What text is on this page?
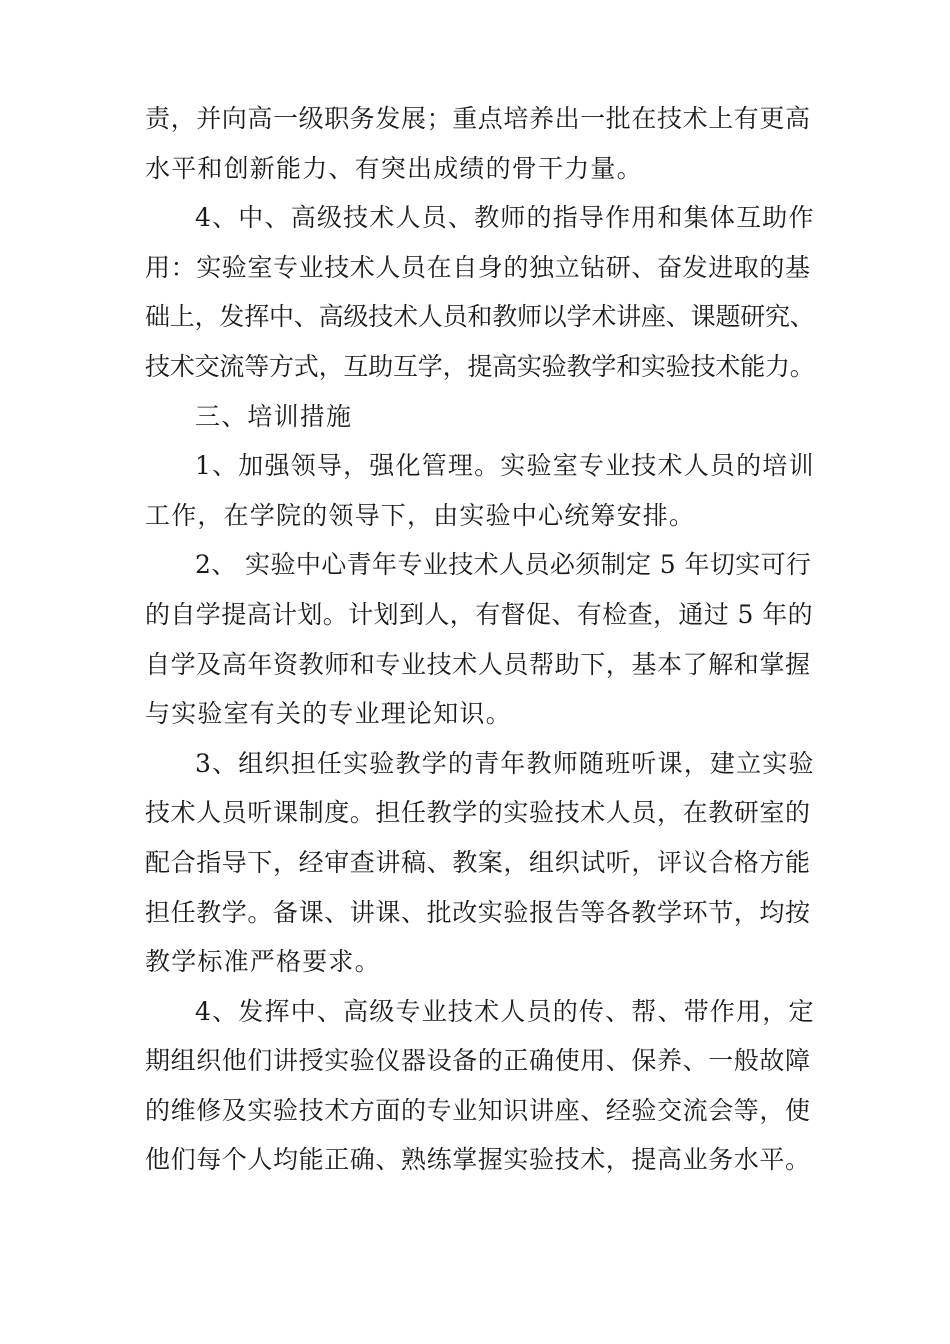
责，并向高一级职务发展；重点培养出一批在技术上有更高
水平和创新能力、有突出成绩的骨干力量。
4、中、高级技术人员、教师的指导作用和集体互助作
用：实验室专业技术人员在自身的独立钻研、奋发进取的基
础上，发挥中、高级技术人员和教师以学术讲座、课题研究、
技术交流等方式，互助互学，提高实验教学和实验技术能力。
三、培训措施
1、加强领导，强化管理。实验室专业技术人员的培训
工作，在学院的领导下，由实验中心统筹安排。
2、 实验中心青年专业技术人员必须制定 5 年切实可行
的自学提高计划。计划到人，有督促、有检查，通过 5 年的
自学及高年资教师和专业技术人员帮助下，基本了解和掌握
与实验室有关的专业理论知识。
3、组织担任实验教学的青年教师随班听课，建立实验
技术人员听课制度。担任教学的实验技术人员，在教研室的
配合指导下，经审查讲稿、教案，组织试听，评议合格方能
担任教学。备课、讲课、批改实验报告等各教学环节，均按
教学标准严格要求。
4、发挥中、高级专业技术人员的传、帮、带作用，定
期组织他们讲授实验仪器设备的正确使用、保养、一般故障
的维修及实验技术方面的专业知识讲座、经验交流会等，使
他们每个人均能正确、熟练掌握实验技术，提高业务水平。
